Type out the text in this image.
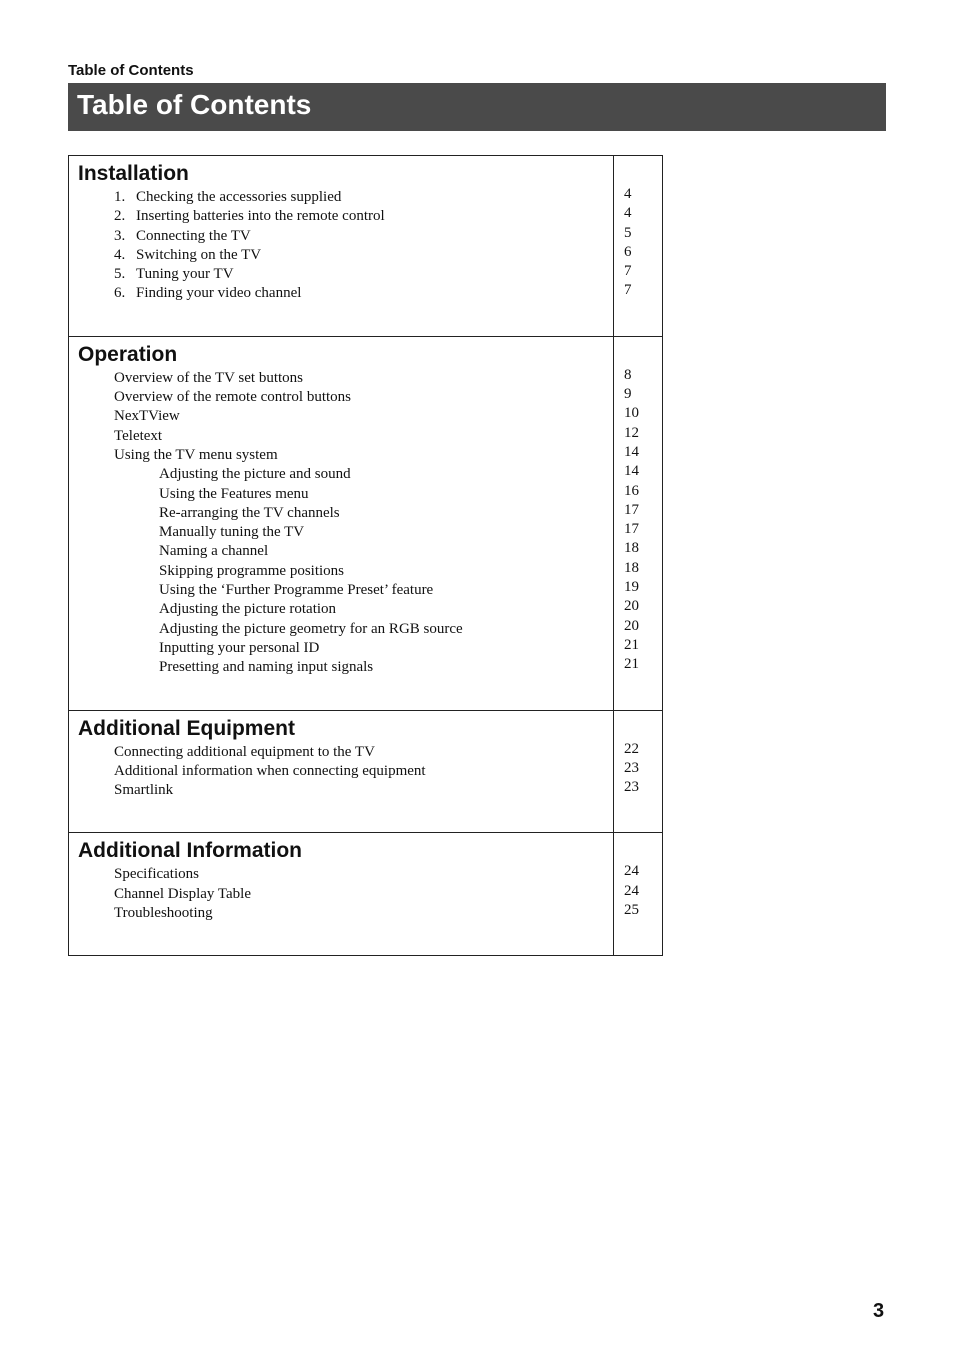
Table of Contents
Table of Contents
Installation
1. Checking the accessories supplied
2. Inserting batteries into the remote control
3. Connecting the TV
4. Switching on the TV
5. Tuning your TV
6. Finding your video channel
4
4
5
6
7
7
Operation
Overview of the TV set buttons
Overview of the remote control buttons
NexTView
Teletext
Using the TV menu system
Adjusting the picture and sound
Using the Features menu
Re-arranging the TV channels
Manually tuning the TV
Naming a channel
Skipping programme positions
Using the ‘Further Programme Preset’ feature
Adjusting the picture rotation
Adjusting the picture geometry for an RGB source
Inputting your personal ID
Presetting and naming input signals
8
9
10
12
14
14
16
17
17
18
18
19
20
20
21
21
Additional Equipment
Connecting additional equipment to the TV
Additional information when connecting equipment
Smartlink
22
23
23
Additional Information
Specifications
Channel Display Table
Troubleshooting
24
24
25
3
